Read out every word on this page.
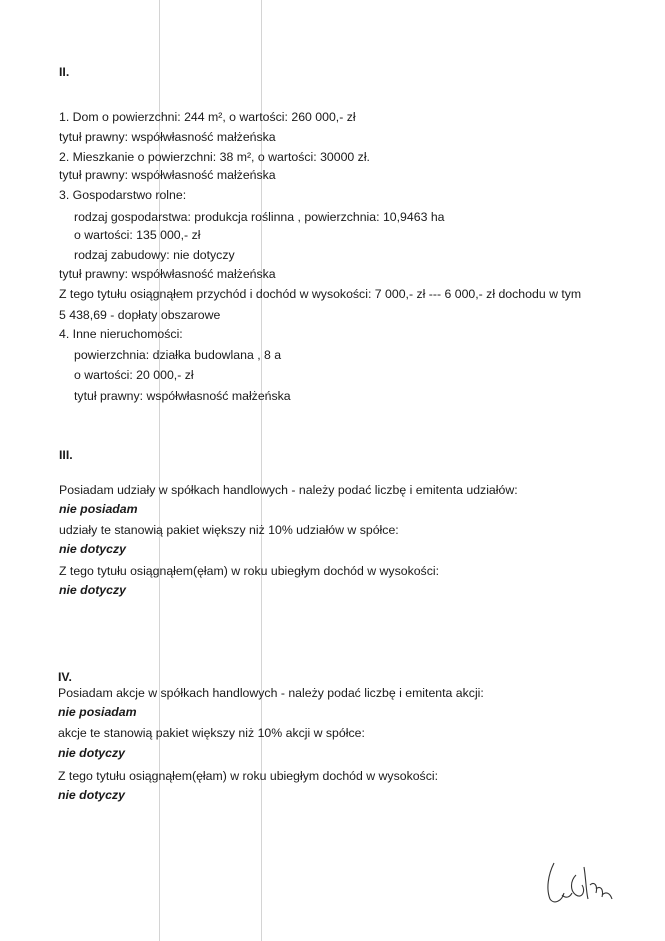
II.
1. Dom o powierzchni: 244 m², o wartości: 260 000,- zł
tytuł prawny: współwłasność małżeńska
2. Mieszkanie o powierzchni: 38 m², o wartości: 30000 zł.
tytuł prawny: współwłasność małżeńska
3. Gospodarstwo rolne:
rodzaj gospodarstwa: produkcja roślinna , powierzchnia: 10,9463 ha
o wartości: 135 000,- zł
rodzaj zabudowy: nie dotyczy
tytuł prawny: współwłasność małżeńska
Z tego tytułu osiągnąłem przychód i dochód w wysokości: 7 000,- zł --- 6 000,- zł dochodu w tym
5 438,69 - dopłaty obszarowe
4. Inne nieruchomości:
powierzchnia: działka budowlana , 8 a
o wartości: 20 000,- zł
tytuł prawny: współwłasność małżeńska
III.
Posiadam udziały w spółkach handlowych - należy podać liczbę i emitenta udziałów:
nie posiadam
udziały te stanowią pakiet większy niż 10% udziałów w spółce:
nie dotyczy
Z tego tytułu osiągnąłem(ęłam) w roku ubiegłym dochód w wysokości:
nie dotyczy
IV.
Posiadam akcje w spółkach handlowych - należy podać liczbę i emitenta akcji:
nie posiadam
akcje te stanowią pakiet większy niż 10% akcji w spółce:
nie dotyczy
Z tego tytułu osiągnąłem(ęłam) w roku ubiegłym dochód w wysokości:
nie dotyczy
